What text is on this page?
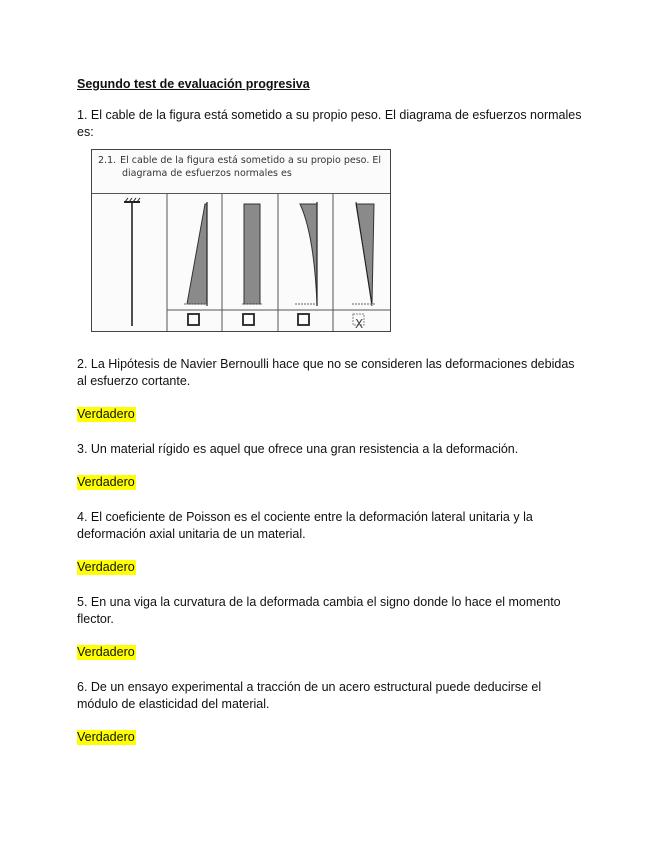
Segundo test de evaluación progresiva
1. El cable de la figura está sometido a su propio peso. El diagrama de esfuerzos normales es:
2.1. El cable de la figura está sometido a su propio peso. El
diagrama de esfuerzos normales es
X
2. La Hipótesis de Navier Bernoulli hace que no se consideren las deformaciones debidas al esfuerzo cortante.
Verdadero
3. Un material rígido es aquel que ofrece una gran resistencia a la deformación.
Verdadero
4. El coeficiente de Poisson es el cociente entre la deformación lateral unitaria y la deformación axial unitaria de un material.
Verdadero
5. En una viga la curvatura de la deformada cambia el signo donde lo hace el momento flector.
Verdadero
6. De un ensayo experimental a tracción de un acero estructural puede deducirse el módulo de elasticidad del material.
Verdadero
